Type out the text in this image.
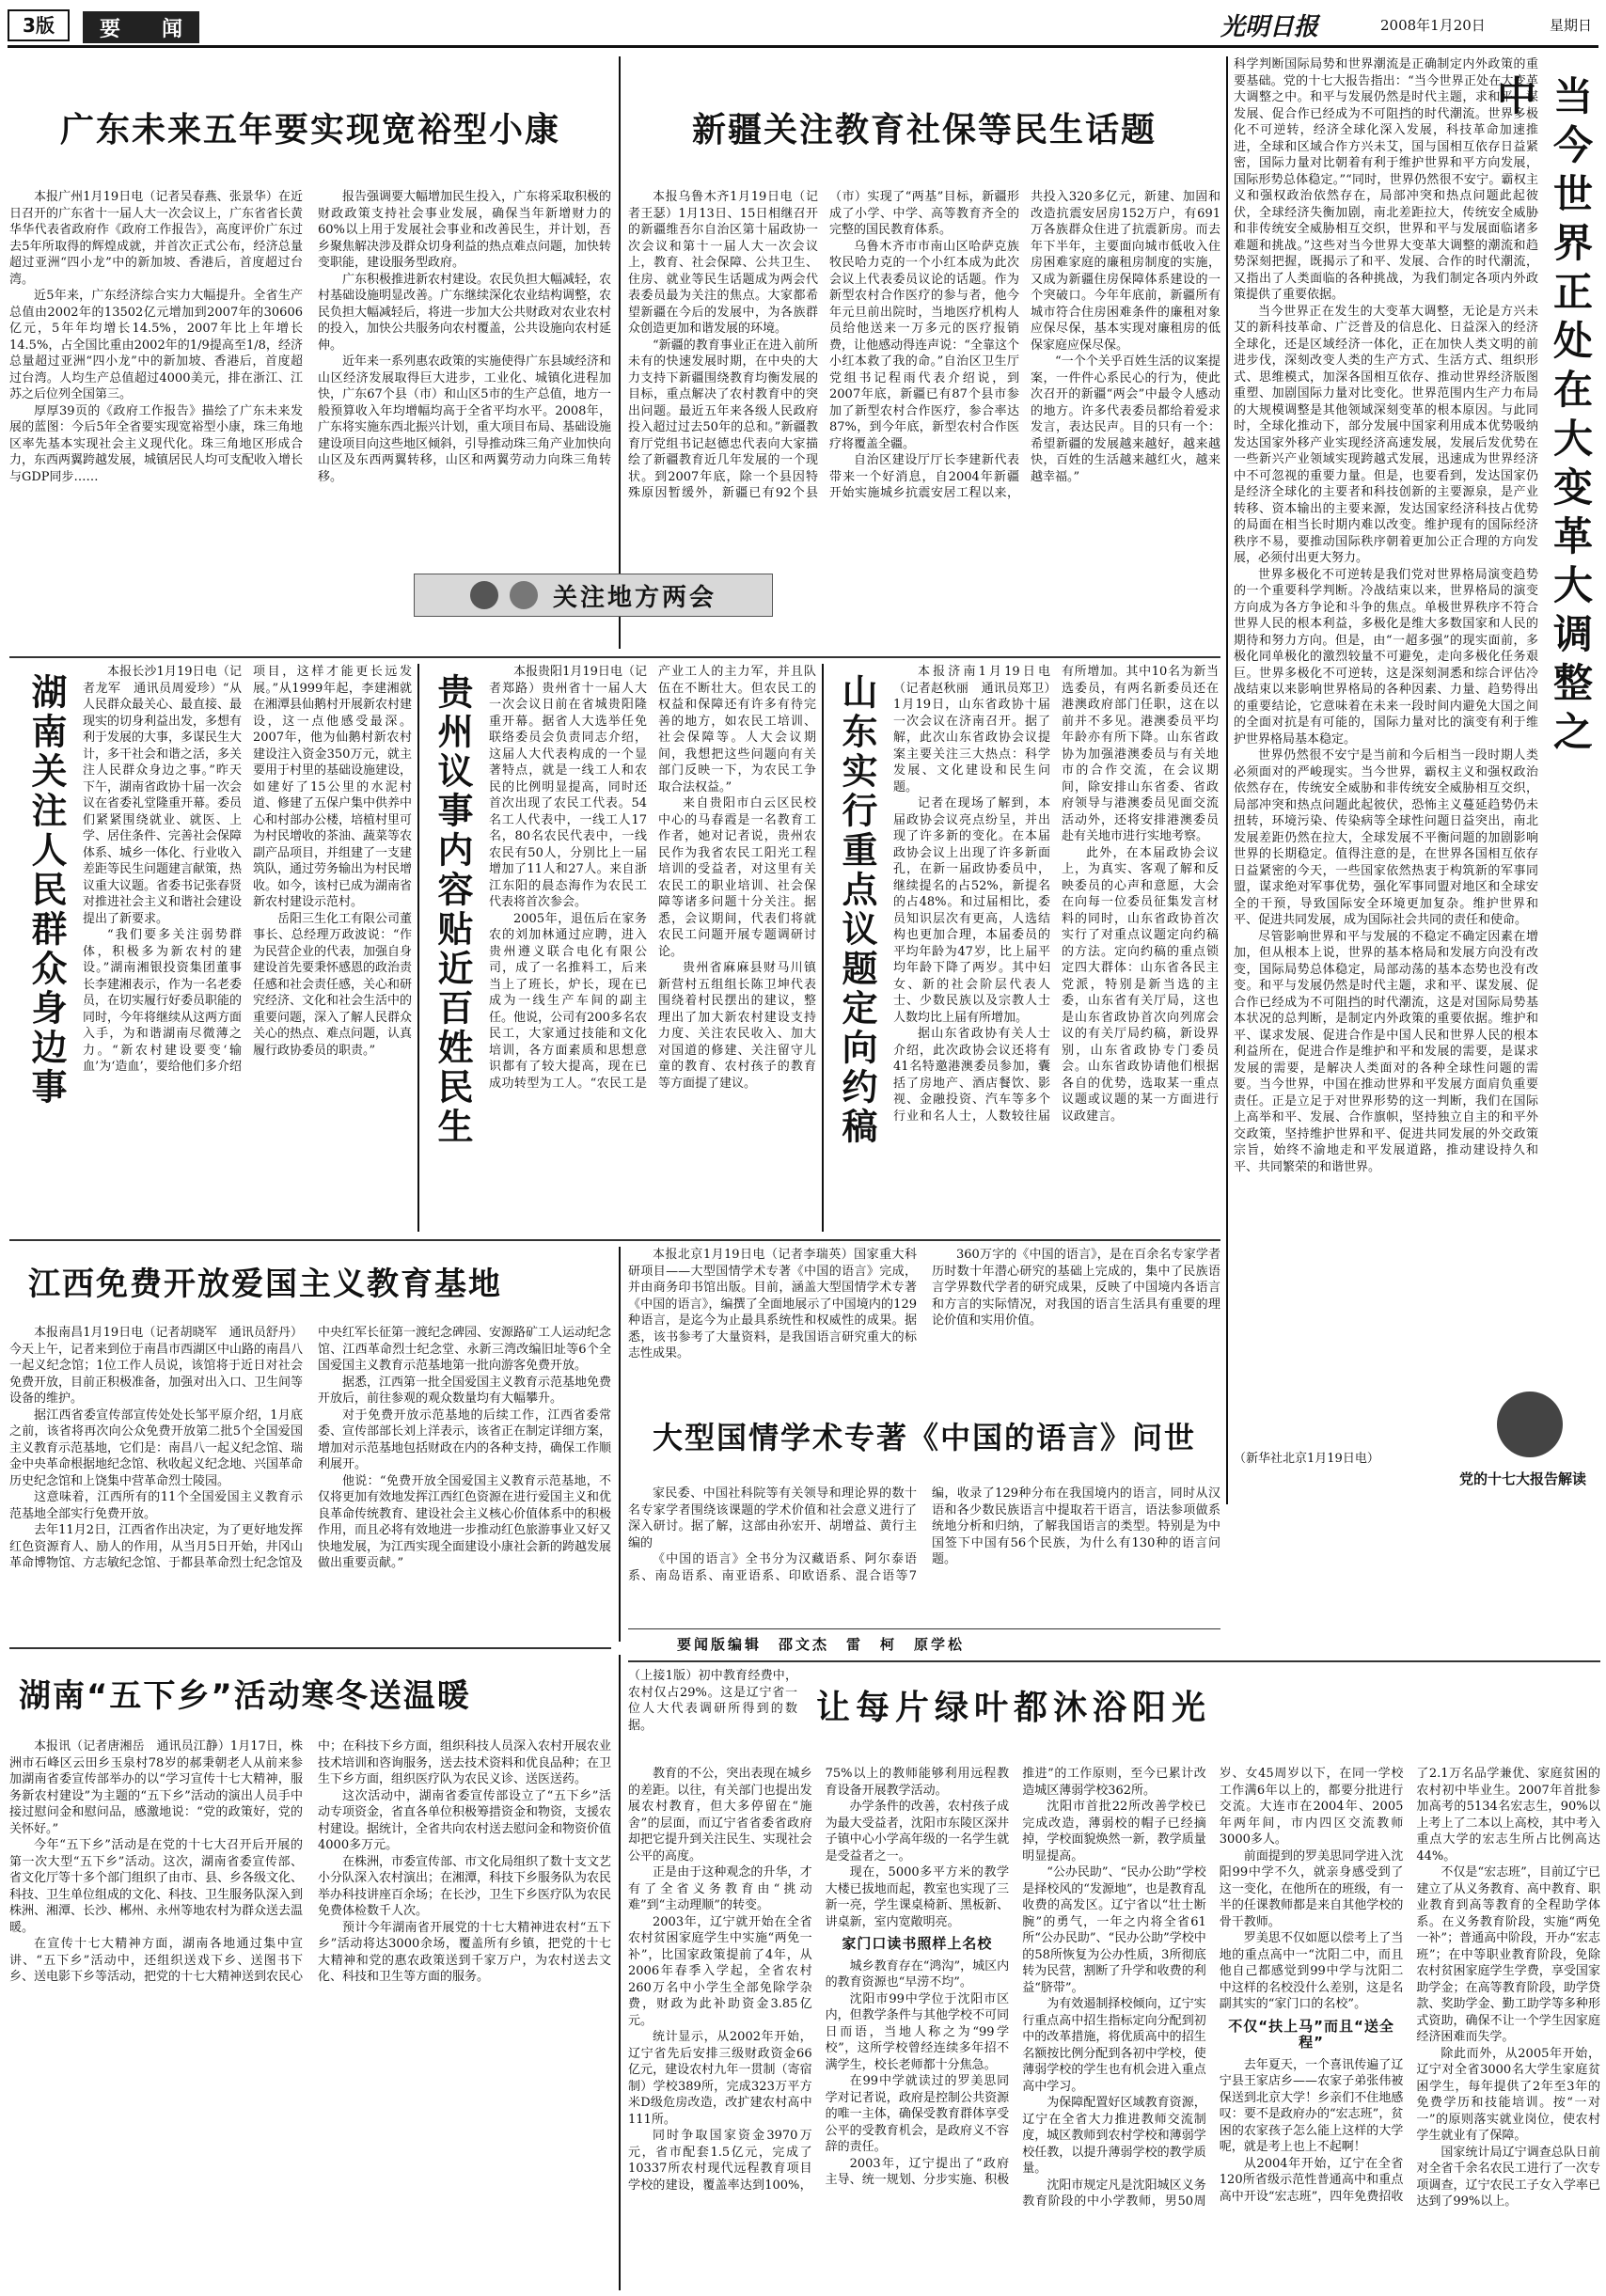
3版	要　　闻	光明日报	2008年1月20日	星期日
广东未来五年要实现宽裕型小康

本报广州1月19日电（记者吴春燕、张景华）在近日召开的广东省十一届人大一次会议上，广东省省长黄华华代表省政府作《政府工作报告》，高度评价广东过去5年所取得的辉煌成就，并首次正式公布，经济总量超过亚洲“四小龙”中的新加坡、香港后，首度超过台湾。

近5年来，广东经济综合实力大幅提升。全省生产总值由2002年的13502亿元增加到2007年的30606亿元，5年年均增长14.5%，2007年比上年增长14.5%，占全国比重由2002年的1/9提高至1/8，经济总量超过亚洲“四小龙”中的新加坡、香港后，首度超过台湾。人均生产总值超过4000美元，排在浙江、江苏之后位列全国第三。

厚厚39页的《政府工作报告》描绘了广东未来发展的蓝图：今后5年全省要实现宽裕型小康，珠三角地区率先基本实现社会主义现代化。珠三角地区形成合力，东西两翼跨越发展，城镇居民人均可支配收入增长与GDP同步……

报告强调要大幅增加民生投入，广东将采取积极的财政政策支持社会事业发展，确保当年新增财力的60%以上用于发展社会事业和改善民生，并计划，吾乡聚焦解决涉及群众切身利益的热点难点问题，加快转变职能，建设服务型政府。

广东积极推进新农村建设。农民负担大幅减轻，农村基础设施明显改善。广东继续深化农业结构调整，农民负担大幅减轻后，将进一步加大公共财政对农业农村的投入，加快公共服务向农村覆盖，公共设施向农村延伸。

近年来一系列惠农政策的实施使得广东县域经济和山区经济发展取得巨大进步，工业化、城镇化进程加快，广东67个县（市）和山区5市的生产总值，地方一般预算收入年均增幅均高于全省平均水平。2008年，广东将实施东西北振兴计划，重大项目布局、基础设施建设项目向这些地区倾斜，引导推动珠三角产业加快向山区及东西两翼转移，山区和两翼劳动力向珠三角转移。

新疆关注教育社保等民生话题

本报乌鲁木齐1月19日电（记者王瑟）1月13日、15日相继召开的新疆维吾尔自治区第十届政协一次会议和第十一届人大一次会议上，教育、社会保障、公共卫生、住房、就业等民生话题成为两会代表委员最为关注的焦点。大家都希望新疆在今后的发展中，为各族群众创造更加和谐发展的环境。

“新疆的教育事业正在进入前所未有的快速发展时期，在中央的大力支持下新疆围绕教育均衡发展的目标，重点解决了农村教育中的突出问题。最近五年来各级人民政府投入超过过去50年的总和。”新疆教育厅党组书记赵德忠代表向大家描绘了新疆教育近几年发展的一个现状。到2007年底，除一个县因特殊原因暂缓外，新疆已有92个县（市）实现了“两基”目标，新疆形成了小学、中学、高等教育齐全的完整的国民教育体系。

乌鲁木齐市市南山区哈萨克族牧民哈力克的一个小红本成为此次会议上代表委员议论的话题。作为新型农村合作医疗的参与者，他今年元旦前出院时，当地医疗机构人员给他送来一万多元的医疗报销费，让他感动得连声说：“全靠这个小红本救了我的命。”自治区卫生厅党组书记程雨代表介绍说，到2007年底，新疆已有87个县市参加了新型农村合作医疗，参合率达87%，到今年底，新型农村合作医疗将覆盖全疆。

自治区建设厅厅长李建新代表带来一个好消息，自2004年新疆开始实施城乡抗震安居工程以来，共投入320多亿元，新建、加固和改造抗震安居房152万户，有691万各族群众住进了抗震新房。而去年下半年，主要面向城市低收入住房困难家庭的廉租房制度的实施，又成为新疆住房保障体系建设的一个突破口。今年年底前，新疆所有城市符合住房困难条件的廉租对象应保尽保，基本实现对廉租房的低保家庭应保尽保。

“一个个关乎百姓生活的议案提案，一件件心系民心的行为，使此次召开的新疆“两会”中最令人感动的地方。许多代表委员都给着爱求发言，表达民声。目的只有一个：希望新疆的发展越来越好，越来越快，百姓的生活越来越红火，越来越幸福。”

关注地方两会
湖南关注人民群众身边事

本报长沙1月19日电（记者龙军　通讯员周爱珍）“从人民群众最关心、最直接、最现实的切身利益出发，多想有利于发展的大事，多谋民生大计，多干社会和谐之活，多关注人民群众身边之事。”昨天下午，湖南省政协十届一次会议在省委礼堂隆重开幕。委员们紧紧围绕就业、就医、上学、居住条件、完善社会保障体系、城乡一体化、行业收入差距等民生问题建言献策，热议重大议题。省委书记张春贤对推进社会主义和谐社会建设提出了新要求。

“我们要多关注弱势群体，积极多为新农村的建设。”湖南湘银投资集团董事长李建湘表示，作为一名老委员，在切实履行好委员职能的同时，今年将继续从这两方面入手，为和谐湖南尽微薄之力。“新农村建设要变‘输血’为‘造血’，要给他们多介绍项目，这样才能更长远发展。”从1999年起，李建湘就在湘潭县仙鹅村开展新农村建设，这一点他感受最深。2007年，他为仙鹅村新农村建设注入资金350万元，就主要用于村里的基础设施建设，如建好了15公里的水泥村道、修建了五保户集中供养中心和村部办公楼，培植村里可为村民增收的茶油、蔬菜等农副产品项目，并组建了一支建筑队，通过劳务输出为村民增收。如今，该村已成为湖南省新农村建设示范村。

岳阳三生化工有限公司董事长、总经理万政波说：“作为民营企业的代表，加强自身建设首先要秉怀感恩的政治责任感和社会责任感，关心和研究经济、文化和社会生活中的重要问题，深入了解人民群众关心的热点、难点问题，认真履行政协委员的职责。”	贵州议事内容贴近百姓民生

本报贵阳1月19日电（记者郑路）贵州省十一届人大一次会议日前在省城贵阳隆重开幕。据省人大选举任免联络委员会负责同志介绍，这届人大代表构成的一个显著特点，就是一线工人和农民的比例明显提高，同时还首次出现了农民工代表。54名工人代表中，一线工人17名，80名农民代表中，一线农民有50人，分别比上一届增加了11人和27人。来自浙江东阳的晨态海作为农民工代表将首次参会。

2005年，退伍后在家务农的刘加林通过应聘，进入贵州遵义联合电化有限公司，成了一名推料工，后来当上了班长，炉长，现在已成为一线生产车间的副主任。他说，公司有200多名农民工，大家通过技能和文化培训，各方面素质和思想意识都有了较大提高，现在已成功转型为工人。“农民工是产业工人的主力军，并且队伍在不断壮大。但农民工的权益和保障还有许多有待完善的地方，如农民工培训、社会保障等。人大会议期间，我想把这些问题向有关部门反映一下，为农民工争取合法权益。”

来自贵阳市白云区民校中心的马春霞是一名教育工作者，她对记者说，贵州农民作为我省农民工阳光工程培训的受益者，对这里有关农民工的职业培训、社会保障等诸多问题十分关注。据悉，会议期间，代表们将就农民工问题开展专题调研讨论。

贵州省麻麻县财马川镇新营村五组组长陈卫坤代表围绕着村民摆出的建议，整理出了加大新农村建设支持力度、关注农民收入、加大对国道的修建、关注留守儿童的教育、农村孩子的教育等方面提了建议。	山东实行重点议题定向约稿

本报济南1月19日电（记者赵秋丽　通讯员郑卫）1月19日，山东省政协十届一次会议在济南召开。据了解，此次山东省政协会议提案主要关注三大热点：科学发展、文化建设和民生问题。

记者在现场了解到，本届政协会议亮点纷呈，并出现了许多新的变化。在本届政协会议上出现了许多新面孔，在新一届政协委员中，继续提名的占52%，新提名的占48%。和过届相比，委员知识层次有更高，人选结构也更加合理，本届委员的平均年龄为47岁，比上届平均年龄下降了两岁。其中妇女、新的社会阶层代表人士、少数民族以及宗教人士人数均比上届有所增加。

据山东省政协有关人士介绍，此次政协会议还将有41名特邀港澳委员参加，囊括了房地产、酒店餐饮、影视、金融投资、汽车等多个行业和名人士，人数较往届有所增加。其中10名为新当选委员，有两名新委员还在港澳政府部门任职，这在以前并不多见。港澳委员平均年龄亦有所下降。山东省政协为加强港澳委员与有关地市的合作交流，在会议期间，除安排山东省委、省政府领导与港澳委员见面交流活动外，还将安排港澳委员赴有关地市进行实地考察。

此外，在本届政协会议上，为真实、客观了解和反映委员的心声和意愿，大会在向每一位委员征集发言材料的同时，山东省政协首次实行了对重点议题定向约稿的方法。定向约稿的重点锁定四大群体：山东省各民主党派，特别是新当选的主委，山东省有关厅局，这也是山东省政协首次向列席会议的有关厅局约稿，新设界别，山东省政协专门委员会。山东省政协请他们根据各自的优势，选取某一重点议题或议题的某一方面进行议政建言。

当今世界正处在大变革大调整之中

科学判断国际局势和世界潮流是正确制定内外政策的重要基础。党的十七大报告指出：“当今世界正处在大变革大调整之中。和平与发展仍然是时代主题，求和平、谋发展、促合作已经成为不可阻挡的时代潮流。世界多极化不可逆转，经济全球化深入发展，科技革命加速推进，全球和区域合作方兴未艾，国与国相互依存日益紧密，国际力量对比朝着有利于维护世界和平方向发展，国际形势总体稳定。”“同时，世界仍然很不安宁。霸权主义和强权政治依然存在，局部冲突和热点问题此起彼伏，全球经济失衡加剧，南北差距拉大，传统安全威胁和非传统安全威胁相互交织，世界和平与发展面临诸多难题和挑战。”这些对当今世界大变革大调整的潮流和趋势深刻把握，既揭示了和平、发展、合作的时代潮流，又指出了人类面临的各种挑战，为我们制定各项内外政策提供了重要依据。

当今世界正在发生的大变革大调整，无论是方兴未艾的新科技革命、广泛普及的信息化、日益深入的经济全球化，还是区域经济一体化，正在加快人类文明的前进步伐，深刻改变人类的生产方式、生活方式、组织形式、思维模式，加深各国相互依存、推动世界经济版图重塑、加剧国际力量对比变化。世界范围内生产力布局的大规模调整是其他领域深刻变革的根本原因。与此同时，全球化推动下，部分发展中国家利用成本优势吸纳发达国家外移产业实现经济高速发展，发展后发优势在一些新兴产业领域实现跨越式发展，迅速成为世界经济中不可忽视的重要力量。但是，也要看到，发达国家仍是经济全球化的主要者和科技创新的主要源泉，是产业转移、资本输出的主要来源，发达国家经济科技占优势的局面在相当长时期内难以改变。维护现有的国际经济秩序不易，要推动国际秩序朝着更加公正合理的方向发展，必须付出更大努力。

世界多极化不可逆转是我们党对世界格局演变趋势的一个重要科学判断。冷战结束以来，世界格局的演变方向成为各方争论和斗争的焦点。单极世界秩序不符合世界人民的根本利益，多极化是维大多数国家和人民的期待和努力方向。但是，由“一超多强”的现实面前，多极化同单极化的激烈较量不可避免，走向多极化任务艰巨。世界多极化不可逆转，这是深刻洞悉和综合评估冷战结束以来影响世界格局的各种因素、力量、趋势得出的重要结论，它意味着在未来一段时间内避免大国之间的全面对抗是有可能的，国际力量对比的演变有利于维护世界格局基本稳定。

世界仍然很不安宁是当前和今后相当一段时期人类必须面对的严峻现实。当今世界，霸权主义和强权政治依然存在，传统安全威胁和非传统安全威胁相互交织，局部冲突和热点问题此起彼伏，恐怖主义蔓延趋势仍未扭转，环境污染、传染病等全球性问题日益突出，南北发展差距仍然在拉大，全球发展不平衡问题的加剧影响世界的长期稳定。值得注意的是，在世界各国相互依存日益紧密的今天，一些国家依然热衷于构筑新的军事同盟，谋求绝对军事优势，强化军事同盟对地区和全球安全的干预，导致国际安全环境更加复杂。维护世界和平、促进共同发展，成为国际社会共同的责任和使命。

尽管影响世界和平与发展的不稳定不确定因素在增加，但从根本上说，世界的基本格局和发展方向没有改变，国际局势总体稳定，局部动荡的基本态势也没有改变。和平与发展仍然是时代主题，求和平、谋发展、促合作已经成为不可阻挡的时代潮流，这是对国际局势基本状况的总判断，是制定内外政策的重要依据。维护和平、谋求发展、促进合作是中国人民和世界人民的根本利益所在，促进合作是维护和平和发展的需要，是谋求发展的需要，是解决人类面对的各种全球性问题的需要。当今世界，中国在推动世界和平发展方面肩负重要责任。正是立足于对世界形势的这一判断，我们在国际上高举和平、发展、合作旗帜，坚持独立自主的和平外交政策，坚持维护世界和平、促进共同发展的外交政策宗旨，始终不渝地走和平发展道路，推动建设持久和平、共同繁荣的和谐世界。

（新华社北京1月19日电）
党的十七大报告解读
江西免费开放爱国主义教育基地

本报南昌1月19日电（记者胡晓军　通讯员舒丹）今天上午，记者来到位于南昌市西湖区中山路的南昌八一起义纪念馆；1位工作人员说，该馆将于近日对社会免费开放，目前正积极准备，加强对出入口、卫生间等设备的维护。

据江西省委宣传部宣传处处长邹平原介绍，1月底之前，该省将再次向公众免费开放第二批5个全国爱国主义教育示范基地，它们是：南昌八一起义纪念馆、瑞金中央革命根据地纪念馆、秋收起义纪念地、兴国革命历史纪念馆和上饶集中营革命烈士陵园。

这意味着，江西所有的11个全国爱国主义教育示范基地全部实行免费开放。

去年11月2日，江西省作出决定，为了更好地发挥红色资源育人、励人的作用，从当月5日开始，井冈山革命博物馆、方志敏纪念馆、于都县革命烈士纪念馆及中央红军长征第一渡纪念碑园、安源路矿工人运动纪念馆、江西革命烈士纪念堂、永新三湾改编旧址等6个全国爱国主义教育示范基地第一批向游客免费开放。

据悉，江西第一批全国爱国主义教育示范基地免费开放后，前往参观的观众数量均有大幅攀升。

对于免费开放示范基地的后续工作，江西省委常委、宣传部部长刘上洋表示，该省正在制定详细方案，增加对示范基地包括财政在内的各种支持，确保工作顺利展开。

他说：“免费开放全国爱国主义教育示范基地，不仅将更加有效地发挥江西红色资源在进行爱国主义和优良革命传统教育、建设社会主义核心价值体系中的积极作用，而且必将有效地进一步推动红色旅游事业又好又快地发展，为江西实现全面建设小康社会新的跨越发展做出重要贡献。”

本报北京1月19日电（记者李瑞英）国家重大科研项目——大型国情学术专著《中国的语言》完成，并由商务印书馆出版。目前，涵盖大型国情学术专著《中国的语言》，编撰了全面地展示了中国境内的129种语言，是迄今为止最具系统性和权威性的成果。据悉，该书参考了大量资料，是我国语言研究重大的标志性成果。

360万字的《中国的语言》，是在百余名专家学者历时数十年潜心研究的基础上完成的，集中了民族语言学界数代学者的研究成果，反映了中国境内各语言和方言的实际情况，对我国的语言生活具有重要的理论价值和实用价值。

大型国情学术专著《中国的语言》问世

家民委、中国社科院等有关领导和理论界的数十名专家学者围绕该课题的学术价值和社会意义进行了深入研讨。据了解，这部由孙宏开、胡增益、黄行主编的

《中国的语言》全书分为汉藏语系、阿尔泰语系、南岛语系、南亚语系、印欧语系、混合语等7编，收录了129种分布在我国境内的语言，同时从汉语和各少数民族语言中提取若干语言，语法参项做系统地分析和归纳，了解我国语言的类型。特别是为中国签下中国有56个民族，为什么有130种的语言问题。

要闻版编辑　邵文杰　雷　柯　原学松
湖南“五下乡”活动寒冬送温暖

本报讯（记者唐湘岳　通讯员江静）1月17日，株洲市石峰区云田乡玉泉村78岁的郝秉朝老人从前来参加湖南省委宣传部举办的以“学习宣传十七大精神，服务新农村建设”为主题的“五下乡”活动的演出人员手中接过慰问金和慰问品，感激地说：“党的政策好，党的关怀好。”

今年“五下乡”活动是在党的十七大召开后开展的第一次大型“五下乡”活动。这次，湖南省委宣传部、省文化厅等十多个部门组织了由市、县、乡各级文化、科技、卫生单位组成的文化、科技、卫生服务队深入到株洲、湘潭、长沙、郴州、永州等地农村为群众送去温暖。

在宣传十七大精神方面，湖南各地通过集中宣讲、“五下乡”活动中，还组织送戏下乡、送图书下乡、送电影下乡等活动，把党的十七大精神送到农民心中；在科技下乡方面，组织科技人员深入农村开展农业技术培训和咨询服务，送去技术资料和优良品种；在卫生下乡方面，组织医疗队为农民义诊、送医送药。

这次活动中，湖南省委宣传部设立了“五下乡”活动专项资金，省直各单位积极筹措资金和物资，支援农村建设。据统计，全省共向农村送去慰问金和物资价值4000多万元。

在株洲，市委宣传部、市文化局组织了数十支文艺小分队深入农村演出；在湘潭，科技下乡服务队为农民举办科技讲座百余场；在长沙，卫生下乡医疗队为农民免费体检数千人次。

预计今年湖南省开展党的十七大精神进农村“五下乡”活动将达3000余场，覆盖所有乡镇，把党的十七大精神和党的惠农政策送到千家万户，为农村送去文化、科技和卫生等方面的服务。

（上接1版）初中教育经费中，农村仅占29%。这是辽宁省一位人大代表调研所得到的数据。	让每片绿叶都沐浴阳光

教育的不公，突出表现在城乡的差距。以往，有关部门也提出发展农村教育，但大多停留在“施舍”的层面，而辽宁省省委省政府却把它提升到关注民生、实现社会公平的高度。

正是由于这种观念的升华，才有了全省义务教育由“挑动难”到“主动理顺”的转变。

2003年，辽宁就开始在全省农村贫困家庭学生中实施“两免一补”，比国家政策提前了4年，从2006年春季入学起，全省农村260万名中小学生全部免除学杂费，财政为此补助资金3.85亿元。

统计显示，从2002年开始，辽宁省先后安排三级财政资金66亿元，建设农村九年一贯制（寄宿制）学校389所，完成323万平方米D级危房改造，改扩建农村高中111所。

同时争取国家资金3970万元，省市配套1.5亿元，完成了10337所农村现代远程教育项目学校的建设，覆盖率达到100%，75%以上的教师能够利用远程教育设备开展教学活动。

办学条件的改善，农村孩子成为最大受益者，沈阳市东陵区深井子镇中心小学高年级的一名学生就是受益者之一。

现在，5000多平方米的教学大楼已拔地而起，教室也实现了三新一亮，学生课桌椅新、黑板新、讲桌新，室内宽敞明亮。

家门口读书照样上名校

城乡教育存在“鸿沟”，城区内的教育资源也“早涝不均”。

沈阳市99中学位于沈阳市区内，但教学条件与其他学校不可同日而语，当地人称之为“99学校”，这所学校曾经连续多年招不满学生，校长老师都十分焦急。

在99中学就读过的罗美思同学对记者说，政府是控制公共资源的唯一主体，确保受教育群体享受公平的受教育机会，是政府义不容辞的责任。

2003年，辽宁提出了“政府主导、统一规划、分步实施、积极推进”的工作原则，至今已累计改造城区薄弱学校362所。

沈阳市首批22所改善学校已完成改造，薄弱校的帽子已经摘掉，学校面貌焕然一新，教学质量明显提高。

“公办民助”、“民办公助”学校是择校风的“发源地”，也是教育乱收费的高发区。辽宁省以“壮士断腕”的勇气，一年之内将全省61所“公办民助”、“民办公助”学校中的58所恢复为公办性质，3所彻底转为民营，割断了升学和收费的利益“脐带”。

为有效遏制择校倾向，辽宁实行重点高中招生指标定向分配到初中的改革措施，将优质高中的招生名额按比例分配到各初中学校，使薄弱学校的学生也有机会进入重点高中学习。

为保障配置好区域教育资源，辽宁在全省大力推进教师交流制度，城区教师到农村学校和薄弱学校任教，以提升薄弱学校的教学质量。

沈阳市规定凡是沈阳城区义务教育阶段的中小学教师，男50周岁、女45周岁以下，在同一学校工作满6年以上的，都要分批进行交流。大连市在2004年、2005年两年间，市内四区交流教师3000多人。

前面提到的罗美思同学进入沈阳99中学不久，就亲身感受到了这一变化，在他所在的班级，有一半的任课教师都是来自其他学校的骨干教师。

罗美思不仅如愿以偿考上了当地的重点高中一“沈阳二中，而且他自己都感觉到99中学与沈阳二中这样的名校没什么差别，这是名副其实的“家门口的名校”。

不仅“扶上马”而且“送全程”

去年夏天，一个喜讯传遍了辽宁县王家店乡——农家子弟张伟被保送到北京大学！乡亲们不住地感叹：要不是政府办的“宏志班”，贫困的农家孩子怎么能上这样的大学呢，就是考上也上不起啊！

从2004年开始，辽宁在全省120所省级示范性普通高中和重点高中开设“宏志班”，四年免费招收了2.1万名品学兼优、家庭贫困的农村初中毕业生。2007年首批参加高考的5134名宏志生，90%以上考上了二本以上高校，其中考入重点大学的宏志生所占比例高达44%。

不仅是“宏志班”，目前辽宁已建立了从义务教育、高中教育、职业教育到高等教育的全程助学体系。在义务教育阶段，实施“两免一补”；普通高中阶段，开办“宏志班”；在中等职业教育阶段，免除农村贫困家庭学生学费，享受国家助学金；在高等教育阶段，助学贷款、奖助学金、勤工助学等多种形式资助，确保不让一个学生因家庭经济困难而失学。

除此而外，从2005年开始，辽宁对全省3000名大学生家庭贫困学生，每年提供了2年至3年的免费学历和技能培训。按“一对一”的原则落实就业岗位，使农村学生就业有了保障。

国家统计局辽宁调查总队日前对全省千余名农民工进行了一次专项调查，辽宁农民工子女入学率已达到了99%以上。
